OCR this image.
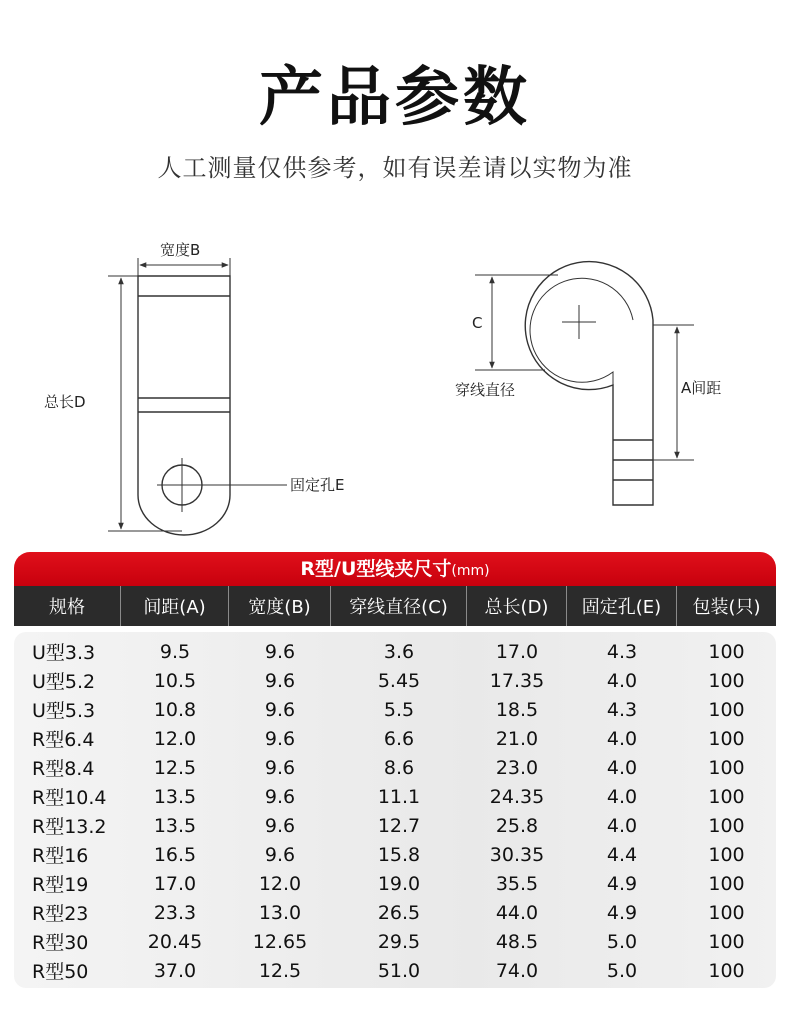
产品参数
人工测量仅供参考，如有误差请以实物为准
宽度B
总长D
固定孔E
C
穿线直径	A间距
R型/U型线夹尺寸(mm)
规格	间距(A)	宽度(B)	穿线直径(C)	总长(D)	固定孔(E)	包装(只)
U型3.3	9.5	9.6	3.6	17.0	4.3	100
U型5.2	10.5	9.6	5.45	17.35	4.0	100
U型5.3	10.8	9.6	5.5	18.5	4.3	100
R型6.4	12.0	9.6	6.6	21.0	4.0	100
R型8.4	12.5	9.6	8.6	23.0	4.0	100
R型10.4	13.5	9.6	11.1	24.35	4.0	100
R型13.2	13.5	9.6	12.7	25.8	4.0	100
R型16	16.5	9.6	15.8	30.35	4.4	100
R型19	17.0	12.0	19.0	35.5	4.9	100
R型23	23.3	13.0	26.5	44.0	4.9	100
R型30	20.45	12.65	29.5	48.5	5.0	100
R型50	37.0	12.5	51.0	74.0	5.0	100
